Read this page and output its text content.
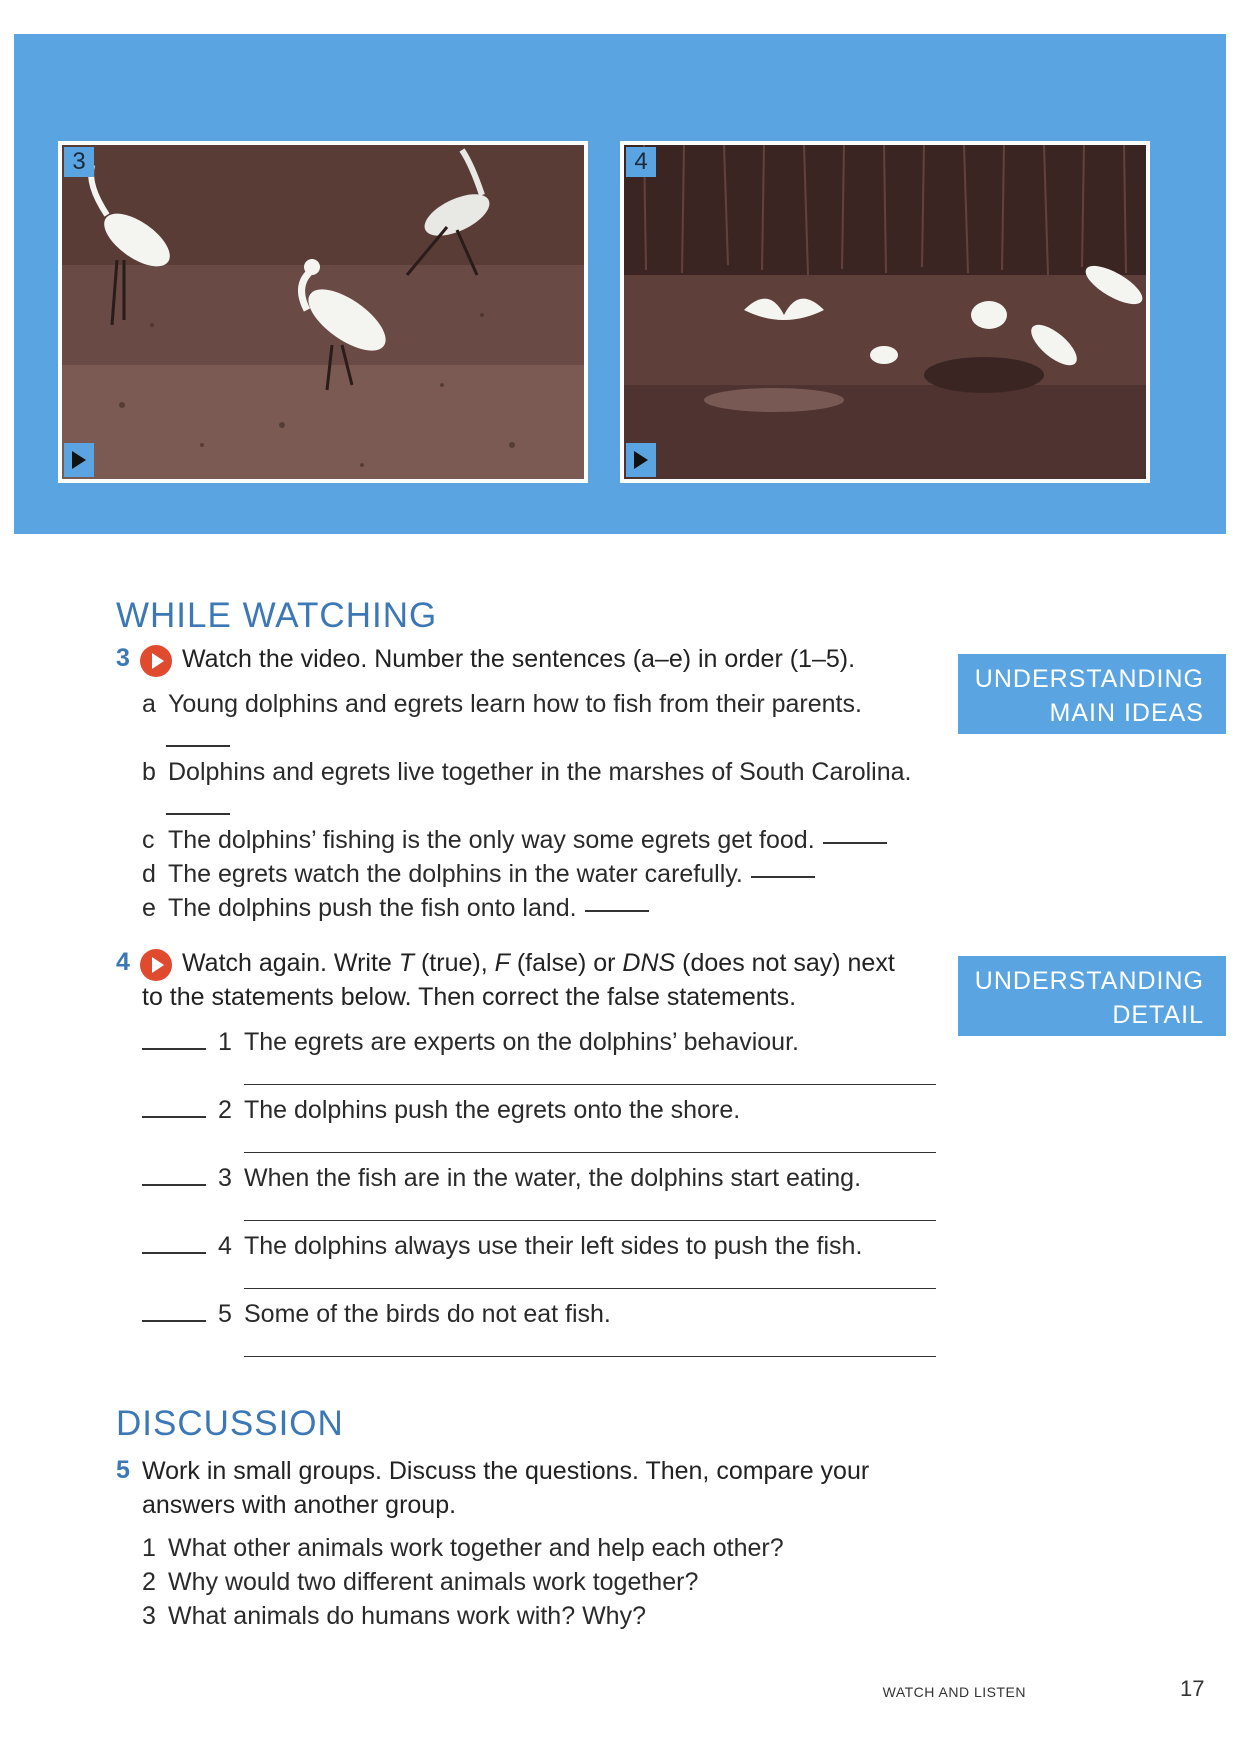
3	4
WHILE WATCHING
3 Watch the video. Number the sentences (a–e) in order (1–5).
a Young dolphins and egrets learn how to fish from their parents.
b Dolphins and egrets live together in the marshes of South Carolina.
c The dolphins’ fishing is the only way some egrets get food.
d The egrets watch the dolphins in the water carefully.
e The dolphins push the fish onto land.
UNDERSTANDING
MAIN IDEAS
4 Watch again. Write T (true), F (false) or DNS (does not say) next
to the statements below. Then correct the false statements.
UNDERSTANDING
DETAIL
1 The egrets are experts on the dolphins’ behaviour.
2 The dolphins push the egrets onto the shore.
3 When the fish are in the water, the dolphins start eating.
4 The dolphins always use their left sides to push the fish.
5 Some of the birds do not eat fish.
DISCUSSION
5 Work in small groups. Discuss the questions. Then, compare your
answers with another group.
1 What other animals work together and help each other?
2 Why would two different animals work together?
3 What animals do humans work with? Why?
WATCH AND LISTEN	17
